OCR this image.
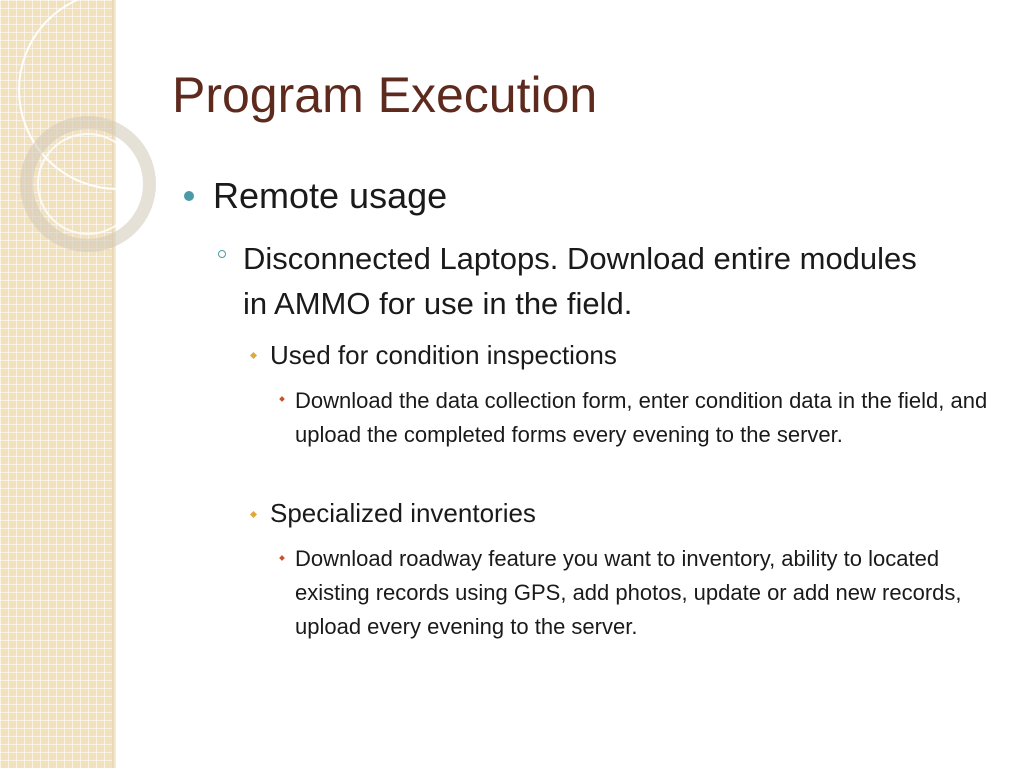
Program Execution
Remote usage
Disconnected Laptops. Download entire modules in AMMO for use in the field.
Used for condition inspections
Download the data collection form, enter condition data in the field, and upload the completed forms every evening to the server.
Specialized inventories
Download roadway feature you want to inventory, ability to located existing records using GPS, add photos, update or add new records, upload every evening to the server.
